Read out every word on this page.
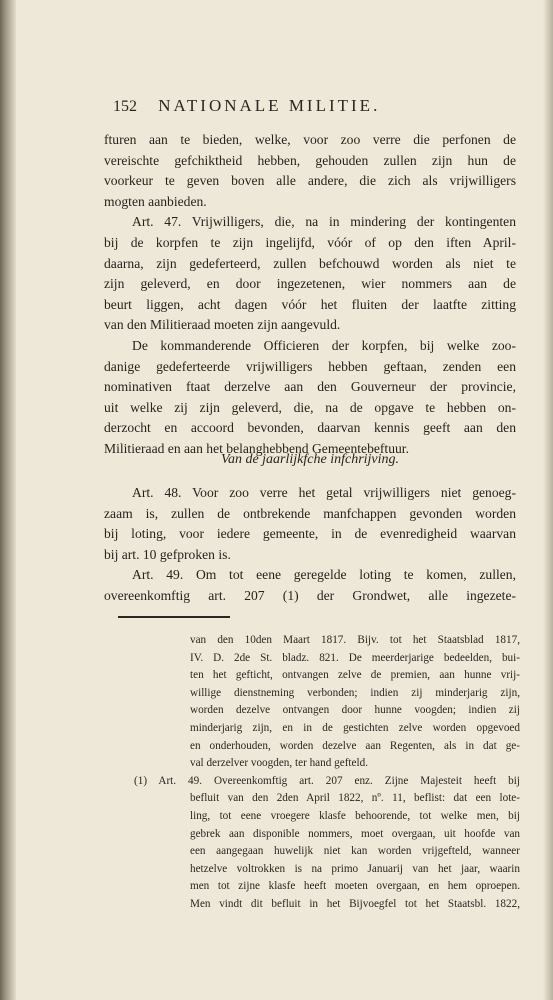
152 NATIONALE MILITIE.
fturen aan te bieden, welke, voor zoo verre die perfonen de
vereischte gefchiktheid hebben, gehouden zullen zijn hun de
voorkeur te geven boven alle andere, die zich als vrijwilligers
mogten aanbieden.
Art. 47. Vrijwilligers, die, na in mindering der kontingenten
bij de korpfen te zijn ingelijfd, vóór of op den iften April-
daarna, zijn gedeferteerd, zullen befchouwd worden als niet te
zijn geleverd, en door ingezetenen, wier nommers aan de
beurt liggen, acht dagen vóór het fluiten der laatfte zitting
van den Militieraad moeten zijn aangevuld.
De kommanderende Officieren der korpfen, bij welke zoo-
danige gedeferteerde vrijwilligers hebben geftaan, zenden een
nominativen ftaat derzelve aan den Gouverneur der provincie,
uit welke zij zijn geleverd, die, na de opgave te hebben on-
derzocht en accoord bevonden, daarvan kennis geeft aan den
Militieraad en aan het belanghebbend Gemeentebeftuur.
Van de jaarlijkfche infchrijving.
Art. 48. Voor zoo verre het getal vrijwilligers niet genoeg-
zaam is, zullen de ontbrekende manfchappen gevonden worden
bij loting, voor iedere gemeente, in de evenredigheid waarvan
bij art. 10 gefproken is.
Art. 49. Om tot eene geregelde loting te komen, zullen,
overeenkomftig art. 207 (1) der Grondwet, alle ingezete-
van den 10den Maart 1817. Bijv. tot het Staatsblad 1817,
IV. D. 2de St. bladz. 821. De meerderjarige bedeelden, bui-
ten het gefticht, ontvangen zelve de premien, aan hunne vrij-
willige dienstneming verbonden; indien zij minderjarig zijn,
worden dezelve ontvangen door hunne voogden; indien zij
minderjarig zijn, en in de gestichten zelve worden opgevoed
en onderhouden, worden dezelve aan Regenten, als in dat ge-
val derzelver voogden, ter hand gefteld.
(1) Art. 49. Overeenkomftig art. 207 enz. Zijne Majesteit heeft bij
befluit van den 2den April 1822, nº. 11, beflist: dat een lote-
ling, tot eene vroegere klasfe behoorende, tot welke men, bij
gebrek aan disponible nommers, moet overgaan, uit hoofde van
een aangegaan huwelijk niet kan worden vrijgefteld, wanneer
hetzelve voltrokken is na primo Januarij van het jaar, waarin
men tot zijne klasfe heeft moeten overgaan, en hem oproepen.
Men vindt dit befluit in het Bijvoegfel tot het Staatsbl. 1822,
